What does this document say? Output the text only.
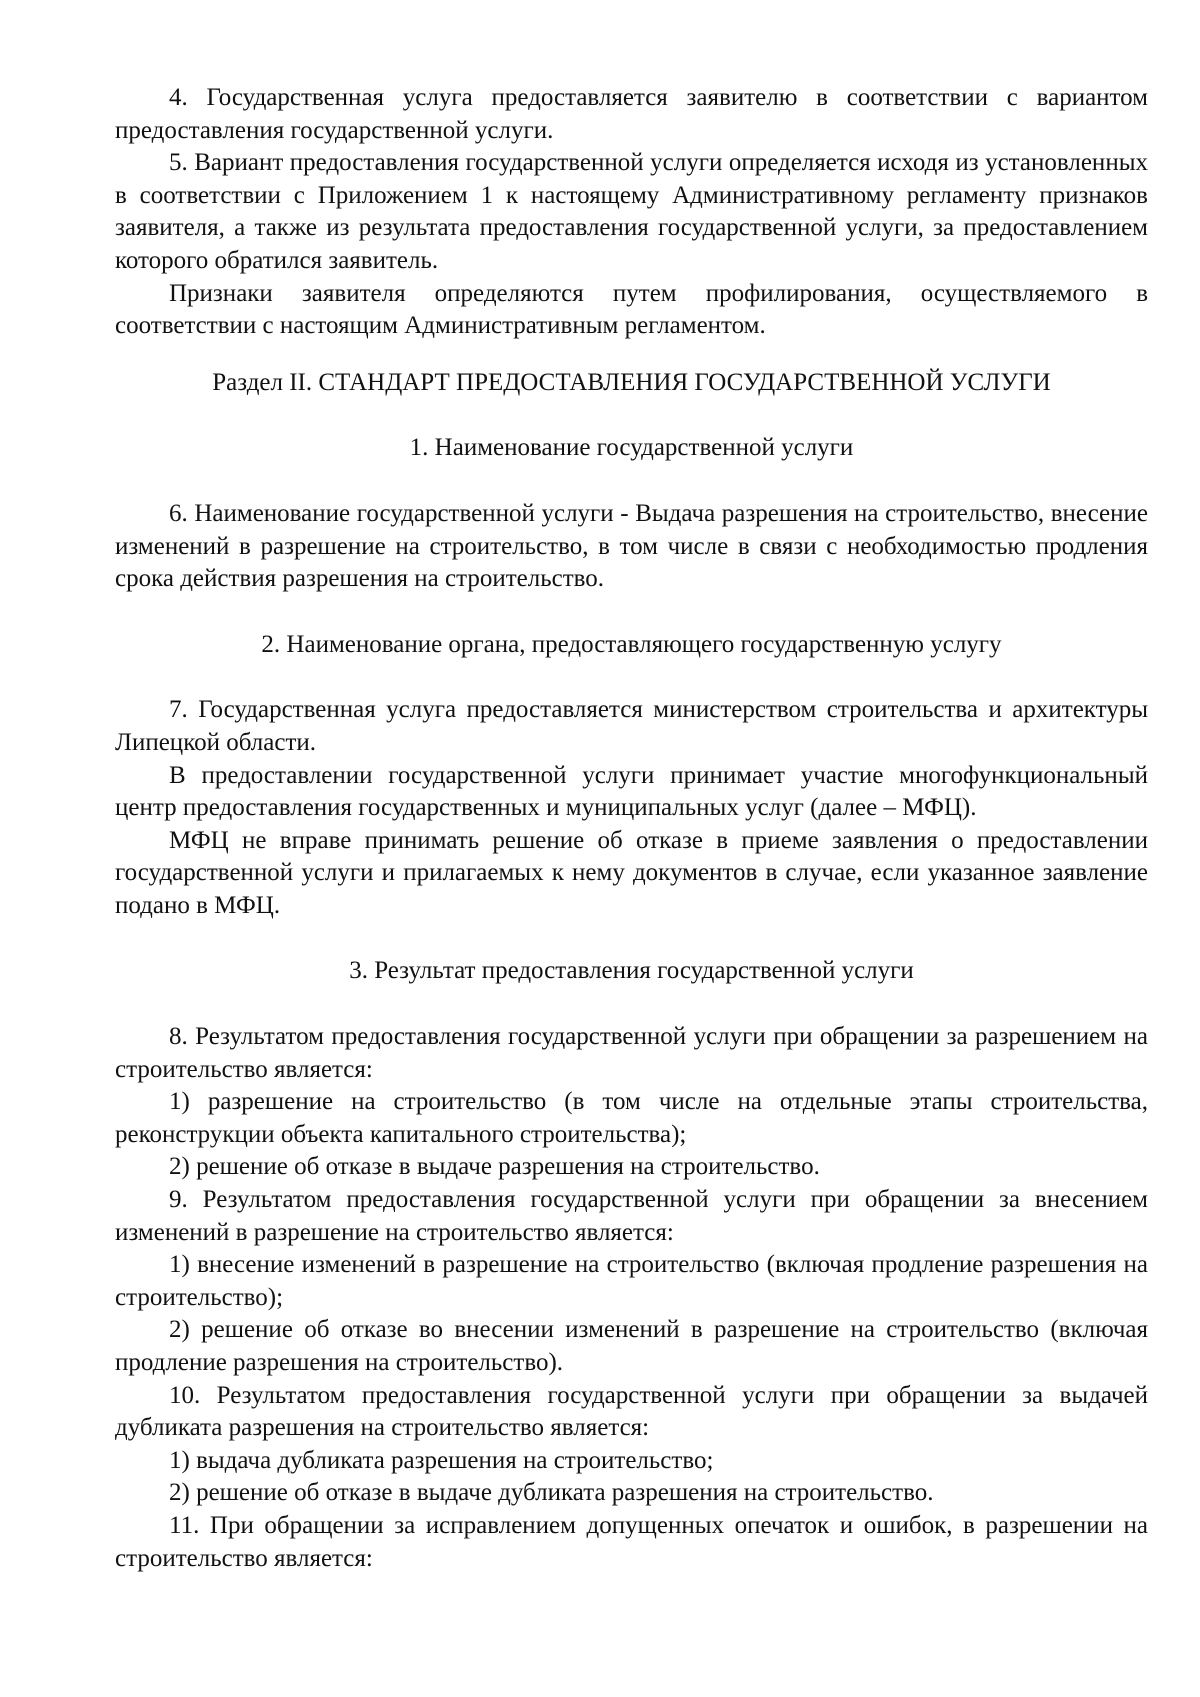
4. Государственная услуга предоставляется заявителю в соответствии с вариантом предоставления государственной услуги.

5. Вариант предоставления государственной услуги определяется исходя из установленных в соответствии с Приложением 1 к настоящему Административному регламенту признаков заявителя, а также из результата предоставления государственной услуги, за предоставлением которого обратился заявитель.

Признаки заявителя определяются путем профилирования, осуществляемого в соответствии с настоящим Административным регламентом.

Раздел II. СТАНДАРТ ПРЕДОСТАВЛЕНИЯ ГОСУДАРСТВЕННОЙ УСЛУГИ

1. Наименование государственной услуги

6. Наименование государственной услуги - Выдача разрешения на строительство, внесение изменений в разрешение на строительство, в том числе в связи с необходимостью продления срока действия разрешения на строительство.

2. Наименование органа, предоставляющего государственную услугу

7. Государственная услуга предоставляется министерством строительства и архитектуры Липецкой области.

В предоставлении государственной услуги принимает участие многофункциональный центр предоставления государственных и муниципальных услуг (далее – МФЦ).

МФЦ не вправе принимать решение об отказе в приеме заявления о предоставлении государственной услуги и прилагаемых к нему документов в случае, если указанное заявление подано в МФЦ.

3. Результат предоставления государственной услуги

8. Результатом предоставления государственной услуги при обращении за разрешением на строительство является:

1) разрешение на строительство (в том числе на отдельные этапы строительства, реконструкции объекта капитального строительства);

2) решение об отказе в выдаче разрешения на строительство.

9. Результатом предоставления государственной услуги при обращении за внесением изменений в разрешение на строительство является:

1) внесение изменений в разрешение на строительство (включая продление разрешения на строительство);

2) решение об отказе во внесении изменений в разрешение на строительство (включая продление разрешения на строительство).

10. Результатом предоставления государственной услуги при обращении за выдачей дубликата разрешения на строительство является:

1) выдача дубликата разрешения на строительство;

2) решение об отказе в выдаче дубликата разрешения на строительство.

11. При обращении за исправлением допущенных опечаток и ошибок, в разрешении на строительство является:
